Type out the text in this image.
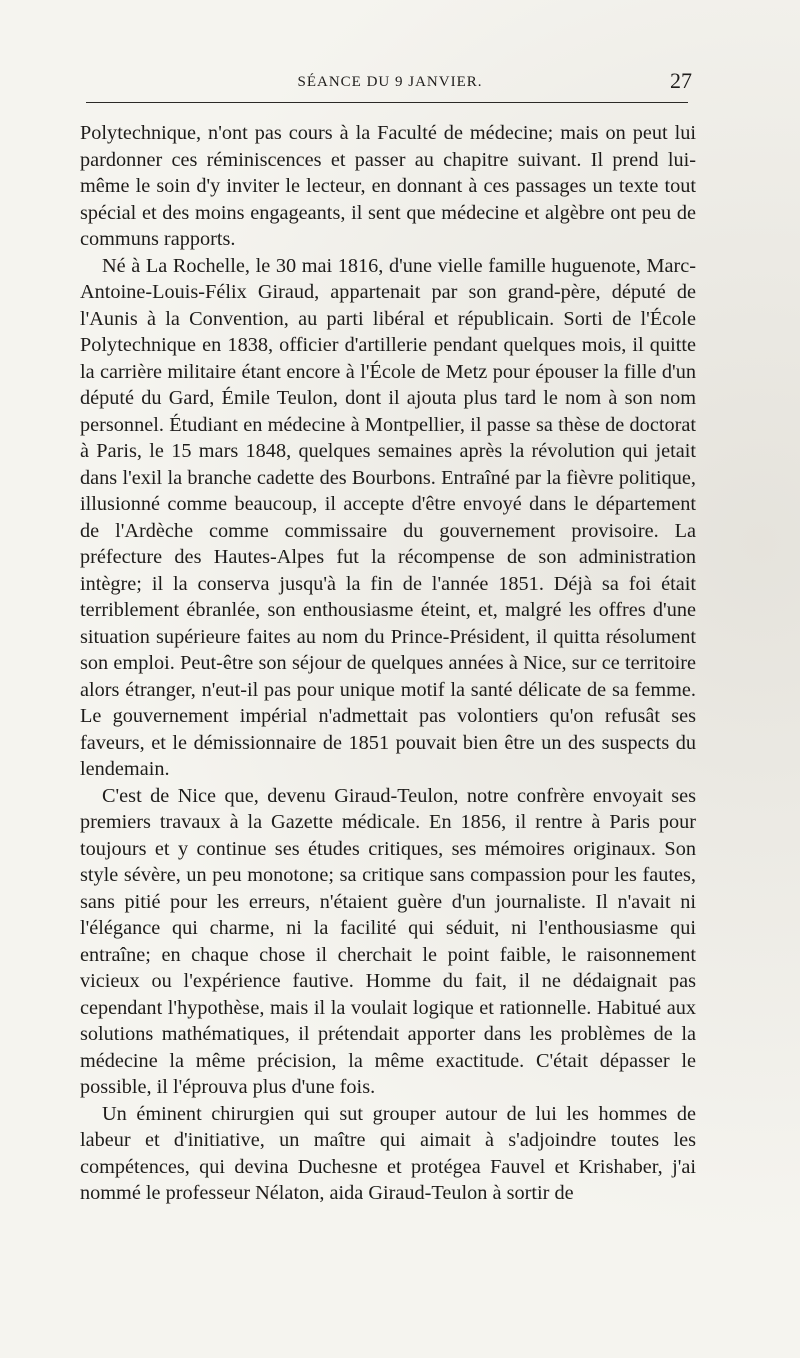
SÉANCE DU 9 JANVIER.	27

Polytechnique, n'ont pas cours à la Faculté de médecine; mais on peut lui pardonner ces réminiscences et passer au chapitre suivant. Il prend lui-même le soin d'y inviter le lecteur, en donnant à ces passages un texte tout spécial et des moins engageants, il sent que médecine et algèbre ont peu de communs rapports.

Né à La Rochelle, le 30 mai 1816, d'une vielle famille huguenote, Marc-Antoine-Louis-Félix Giraud, appartenait par son grand-père, député de l'Aunis à la Convention, au parti libéral et républicain. Sorti de l'École Polytechnique en 1838, officier d'artillerie pendant quelques mois, il quitte la carrière militaire étant encore à l'École de Metz pour épouser la fille d'un député du Gard, Émile Teulon, dont il ajouta plus tard le nom à son nom personnel. Étudiant en médecine à Montpellier, il passe sa thèse de doctorat à Paris, le 15 mars 1848, quelques semaines après la révolution qui jetait dans l'exil la branche cadette des Bourbons. Entraîné par la fièvre politique, illusionné comme beaucoup, il accepte d'être envoyé dans le département de l'Ardèche comme commissaire du gouvernement provisoire. La préfecture des Hautes-Alpes fut la récompense de son administration intègre; il la conserva jusqu'à la fin de l'année 1851. Déjà sa foi était terriblement ébranlée, son enthousiasme éteint, et, malgré les offres d'une situation supérieure faites au nom du Prince-Président, il quitta résolument son emploi. Peut-être son séjour de quelques années à Nice, sur ce territoire alors étranger, n'eut-il pas pour unique motif la santé délicate de sa femme. Le gouvernement impérial n'admettait pas volontiers qu'on refusât ses faveurs, et le démissionnaire de 1851 pouvait bien être un des suspects du lendemain.

C'est de Nice que, devenu Giraud-Teulon, notre confrère envoyait ses premiers travaux à la Gazette médicale. En 1856, il rentre à Paris pour toujours et y continue ses études critiques, ses mémoires originaux. Son style sévère, un peu monotone; sa critique sans compassion pour les fautes, sans pitié pour les erreurs, n'étaient guère d'un journaliste. Il n'avait ni l'élégance qui charme, ni la facilité qui séduit, ni l'enthousiasme qui entraîne; en chaque chose il cherchait le point faible, le raisonnement vicieux ou l'expérience fautive. Homme du fait, il ne dédaignait pas cependant l'hypothèse, mais il la voulait logique et rationnelle. Habitué aux solutions mathématiques, il prétendait apporter dans les problèmes de la médecine la même précision, la même exactitude. C'était dépasser le possible, il l'éprouva plus d'une fois.

Un éminent chirurgien qui sut grouper autour de lui les hommes de labeur et d'initiative, un maître qui aimait à s'adjoindre toutes les compétences, qui devina Duchesne et protégea Fauvel et Krishaber, j'ai nommé le professeur Nélaton, aida Giraud-Teulon à sortir de
